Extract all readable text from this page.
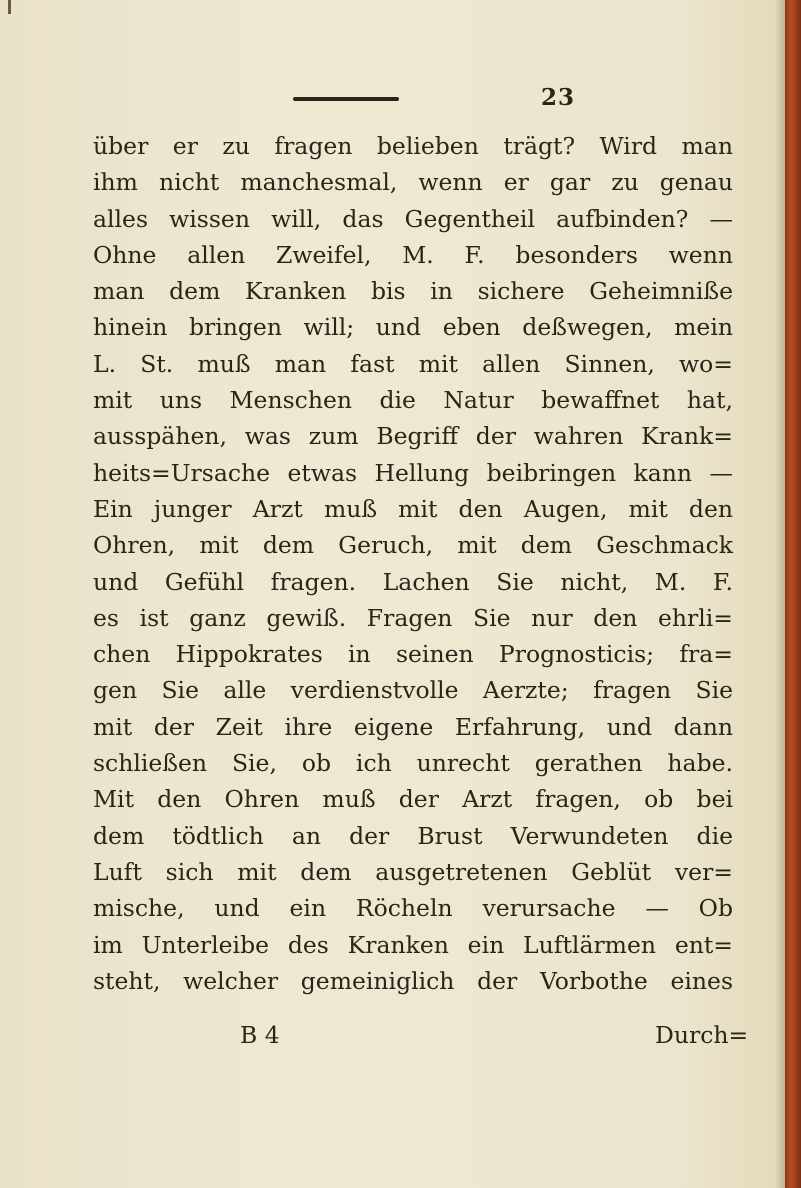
23
über er zu fragen belieben trägt? Wird man
ihm nicht manchesmal, wenn er gar zu genau
alles wissen will, das Gegentheil aufbinden? —
Ohne allen Zweifel, M. F. besonders wenn
man dem Kranken bis in sichere Geheimniße
hinein bringen will; und eben deßwegen, mein
L. St. muß man fast mit allen Sinnen, wo=
mit uns Menschen die Natur bewaffnet hat,
ausspähen, was zum Begriff der wahren Krank=
heits=Ursache etwas Hellung beibringen kann —
Ein junger Arzt muß mit den Augen, mit den
Ohren, mit dem Geruch, mit dem Geschmack
und Gefühl fragen. Lachen Sie nicht, M. F.
es ist ganz gewiß. Fragen Sie nur den ehrli=
chen Hippokrates in seinen Prognosticis; fra=
gen Sie alle verdienstvolle Aerzte; fragen Sie
mit der Zeit ihre eigene Erfahrung, und dann
schließen Sie, ob ich unrecht gerathen habe.
Mit den Ohren muß der Arzt fragen, ob bei
dem tödtlich an der Brust Verwundeten die
Luft sich mit dem ausgetretenen Geblüt ver=
mische, und ein Röcheln verursache — Ob
im Unterleibe des Kranken ein Luftlärmen ent=
steht, welcher gemeiniglich der Vorbothe eines
B 4	Durch=
